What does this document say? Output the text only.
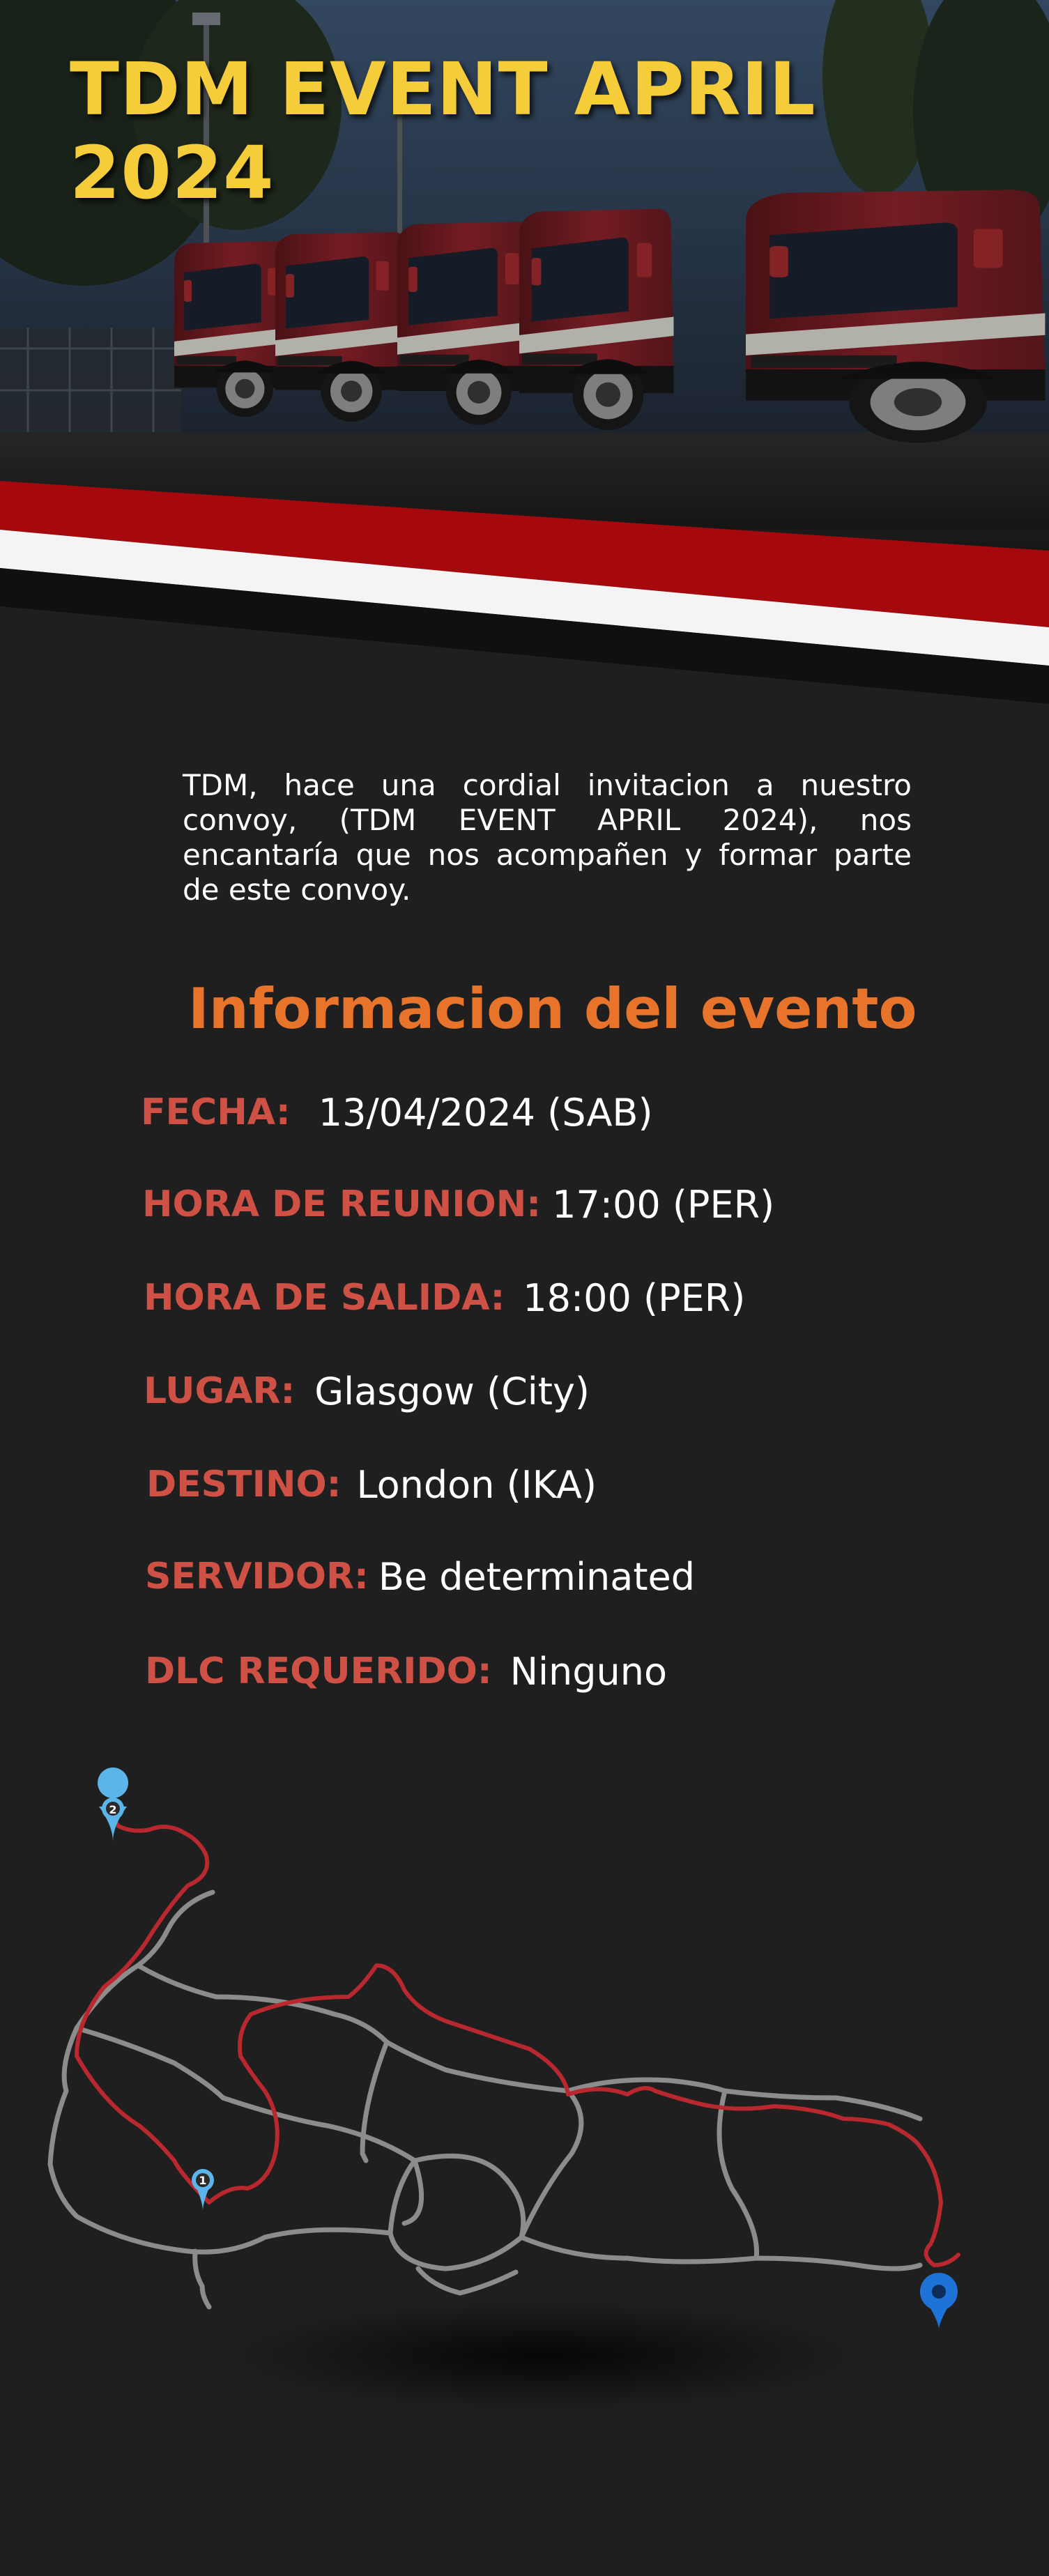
TDM EVENT APRIL
2024

TDM, hace una cordial invitacion a nuestro convoy, (TDM EVENT APRIL 2024), nos encantaría que nos acompañen y formar parte de este convoy.

Informacion del evento
FECHA: 13/04/2024 (SAB)
HORA DE REUNION: 17:00 (PER)
HORA DE SALIDA: 18:00 (PER)
LUGAR: Glasgow (City)
DESTINO: London (IKA)
SERVIDOR: Be determinated
DLC REQUERIDO: Ninguno
2
1
